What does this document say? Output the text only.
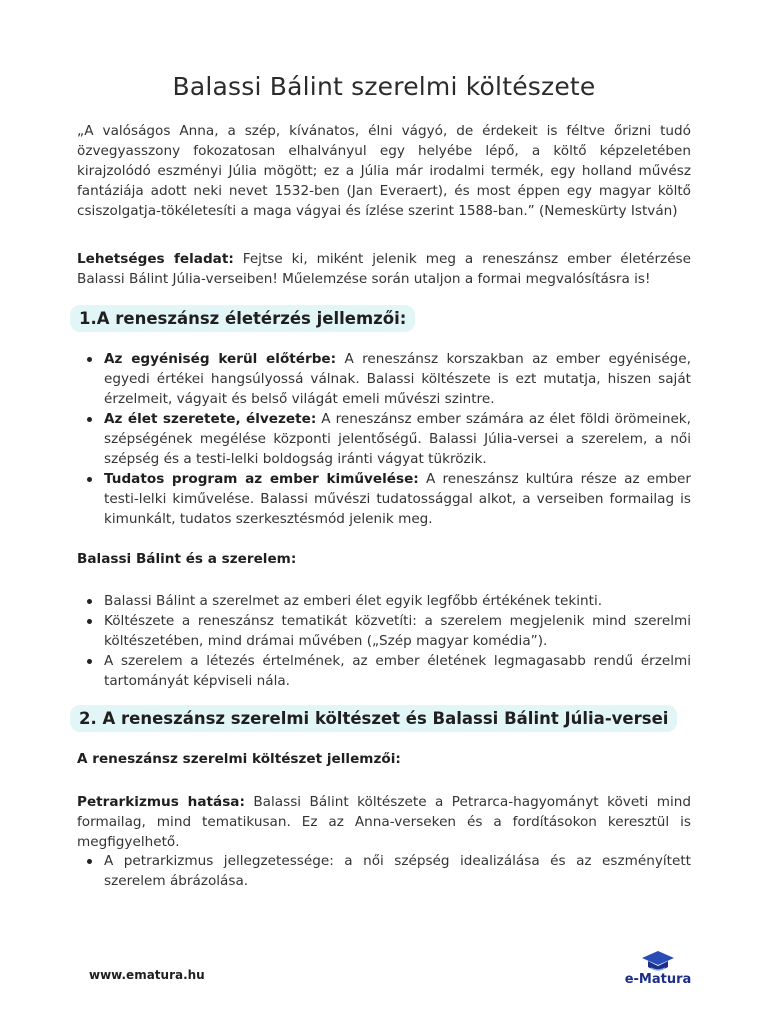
Balassi Bálint szerelmi költészete

„A valóságos Anna, a szép, kívánatos, élni vágyó, de érdekeit is féltve őrizni tudó özvegyasszony fokozatosan elhalványul egy helyébe lépő, a költő képzeletében kirajzolódó eszményi Júlia mögött; ez a Júlia már irodalmi termék, egy holland művész fantáziája adott neki nevet 1532-ben (Jan Everaert), és most éppen egy magyar költő csiszolgatja-tökéletesíti a maga vágyai és ízlése szerint 1588-ban.” (Nemeskürty István)

Lehetséges feladat: Fejtse ki, miként jelenik meg a reneszánsz ember életérzése Balassi Bálint Júlia-verseiben! Műelemzése során utaljon a formai megvalósításra is!

1.A reneszánsz életérzés jellemzői:
Az egyéniség kerül előtérbe: A reneszánsz korszakban az ember egyénisége, egyedi értékei hangsúlyossá válnak. Balassi költészete is ezt mutatja, hiszen saját érzelmeit, vágyait és belső világát emeli művészi szintre.
Az élet szeretete, élvezete: A reneszánsz ember számára az élet földi örömeinek, szépségének megélése központi jelentőségű. Balassi Júlia-versei a szerelem, a női szépség és a testi-lelki boldogság iránti vágyat tükrözik.
Tudatos program az ember kiművelése: A reneszánsz kultúra része az ember testi-lelki kiművelése. Balassi művészi tudatossággal alkot, a verseiben formailag is kimunkált, tudatos szerkesztésmód jelenik meg.

Balassi Bálint és a szerelem:

Balassi Bálint a szerelmet az emberi élet egyik legfőbb értékének tekinti.
Költészete a reneszánsz tematikát közvetíti: a szerelem megjelenik mind szerelmi költészetében, mind drámai művében („Szép magyar komédia”).
A szerelem a létezés értelmének, az ember életének legmagasabb rendű érzelmi tartományát képviseli nála.
2. A reneszánsz szerelmi költészet és Balassi Bálint Júlia-versei

A reneszánsz szerelmi költészet jellemzői:

Petrarkizmus hatása: Balassi Bálint költészete a Petrarca-hagyományt követi mind formailag, mind tematikusan. Ez az Anna-verseken és a fordításokon keresztül is megfigyelhető.

A petrarkizmus jellegzetessége: a női szépség idealizálása és az eszményített szerelem ábrázolása.
www.ematura.hu	e-Matura
